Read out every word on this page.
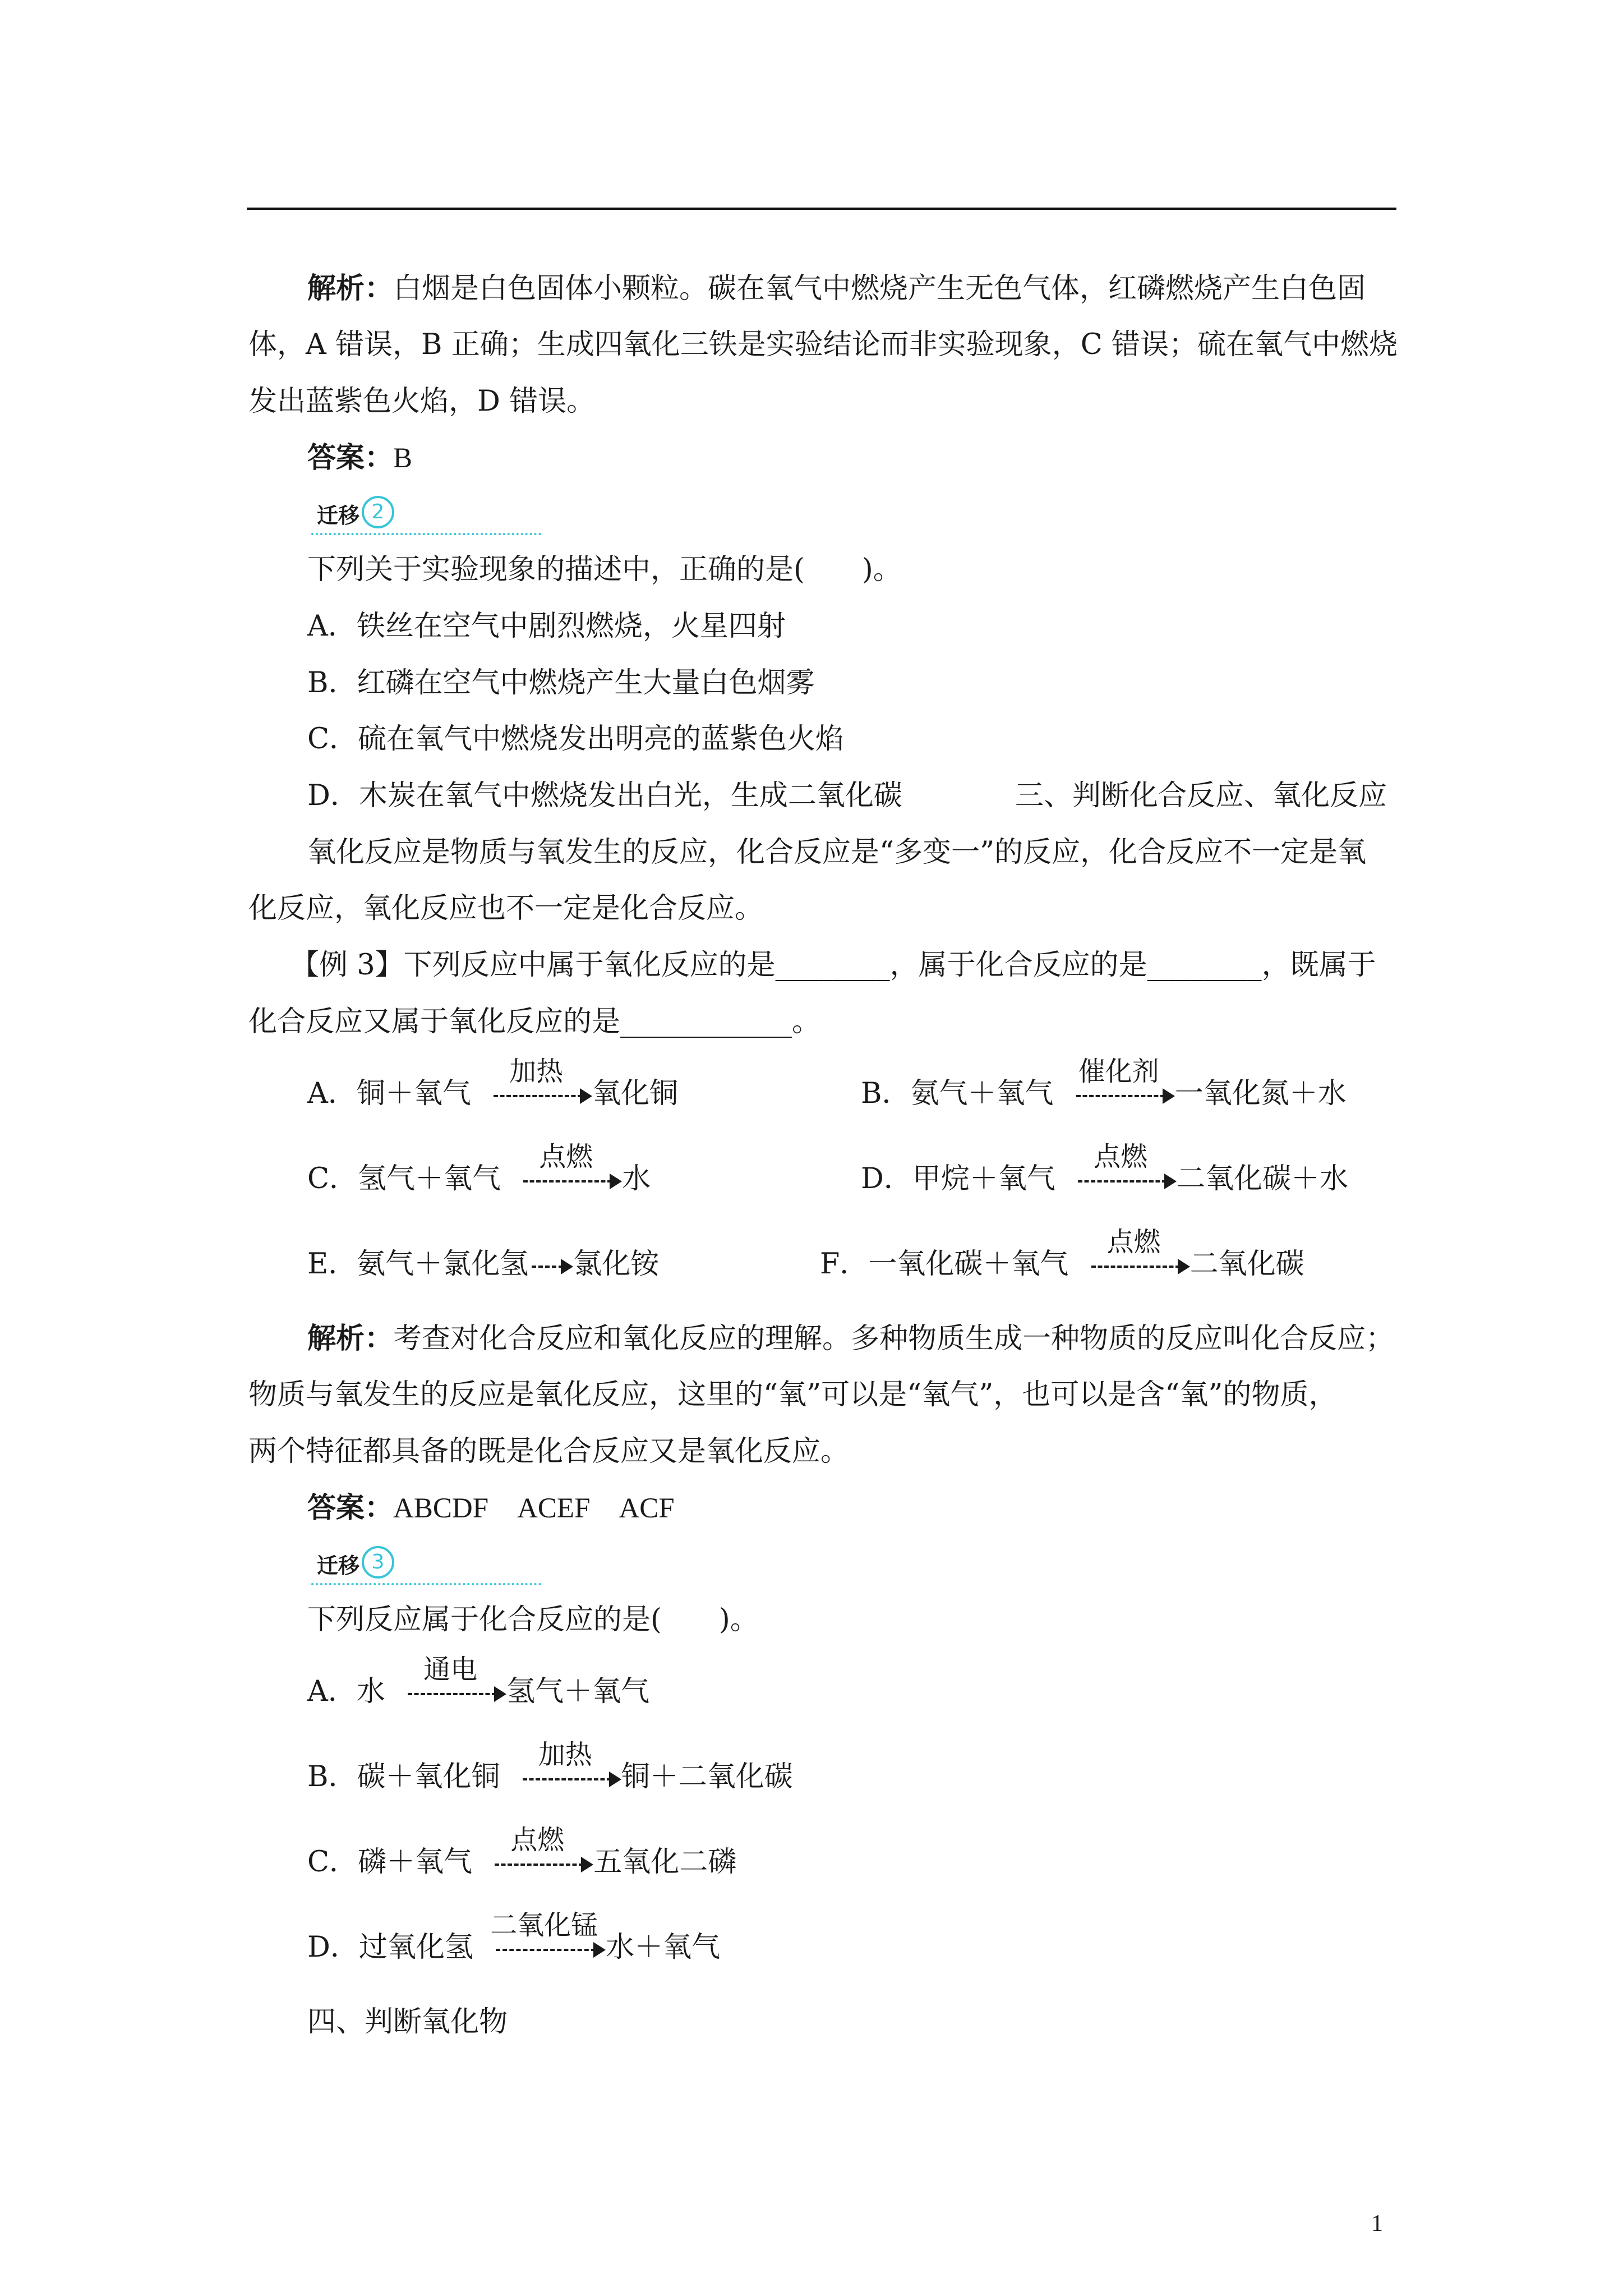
解析：白烟是白色固体小颗粒。碳在氧气中燃烧产生无色气体，红磷燃烧产生白色固
体，A 错误，B 正确；生成四氧化三铁是实验结论而非实验现象，C 错误；硫在氧气中燃烧
发出蓝紫色火焰，D 错误。
答案：B
迁移 2
下列关于实验现象的描述中，正确的是(　　)。
A．铁丝在空气中剧烈燃烧，火星四射
B．红磷在空气中燃烧产生大量白色烟雾
C．硫在氧气中燃烧发出明亮的蓝紫色火焰
D．木炭在氧气中燃烧发出白光，生成二氧化碳	三、判断化合反应、氧化反应
氧化反应是物质与氧发生的反应，化合反应是“多变一”的反应，化合反应不一定是氧
化反应，氧化反应也不一定是化合反应。
【例 3】下列反应中属于氧化反应的是________，属于化合反应的是________，既属于
化合反应又属于氧化反应的是____________。
A．铜＋氧气
加热
氧化铜	B．氨气＋氧气
催化剂
一氧化氮＋水
C．氢气＋氧气
点燃
水	D．甲烷＋氧气
点燃
二氧化碳＋水
E．氨气＋氯化氢 氯化铵	F．一氧化碳＋氧气
点燃
二氧化碳
解析：考查对化合反应和氧化反应的理解。多种物质生成一种物质的反应叫化合反应；
物质与氧发生的反应是氧化反应，这里的“氧”可以是“氧气”，也可以是含“氧”的物质，
两个特征都具备的既是化合反应又是氧化反应。
答案：ABCDF　ACEF　ACF
迁移 3
下列反应属于化合反应的是(　　)。
A．水
通电
氢气＋氧气
B．碳＋氧化铜
加热
铜＋二氧化碳
C．磷＋氧气
点燃
五氧化二磷
D．过氧化氢
二氧化锰
水＋氧气
四、判断氧化物
1
